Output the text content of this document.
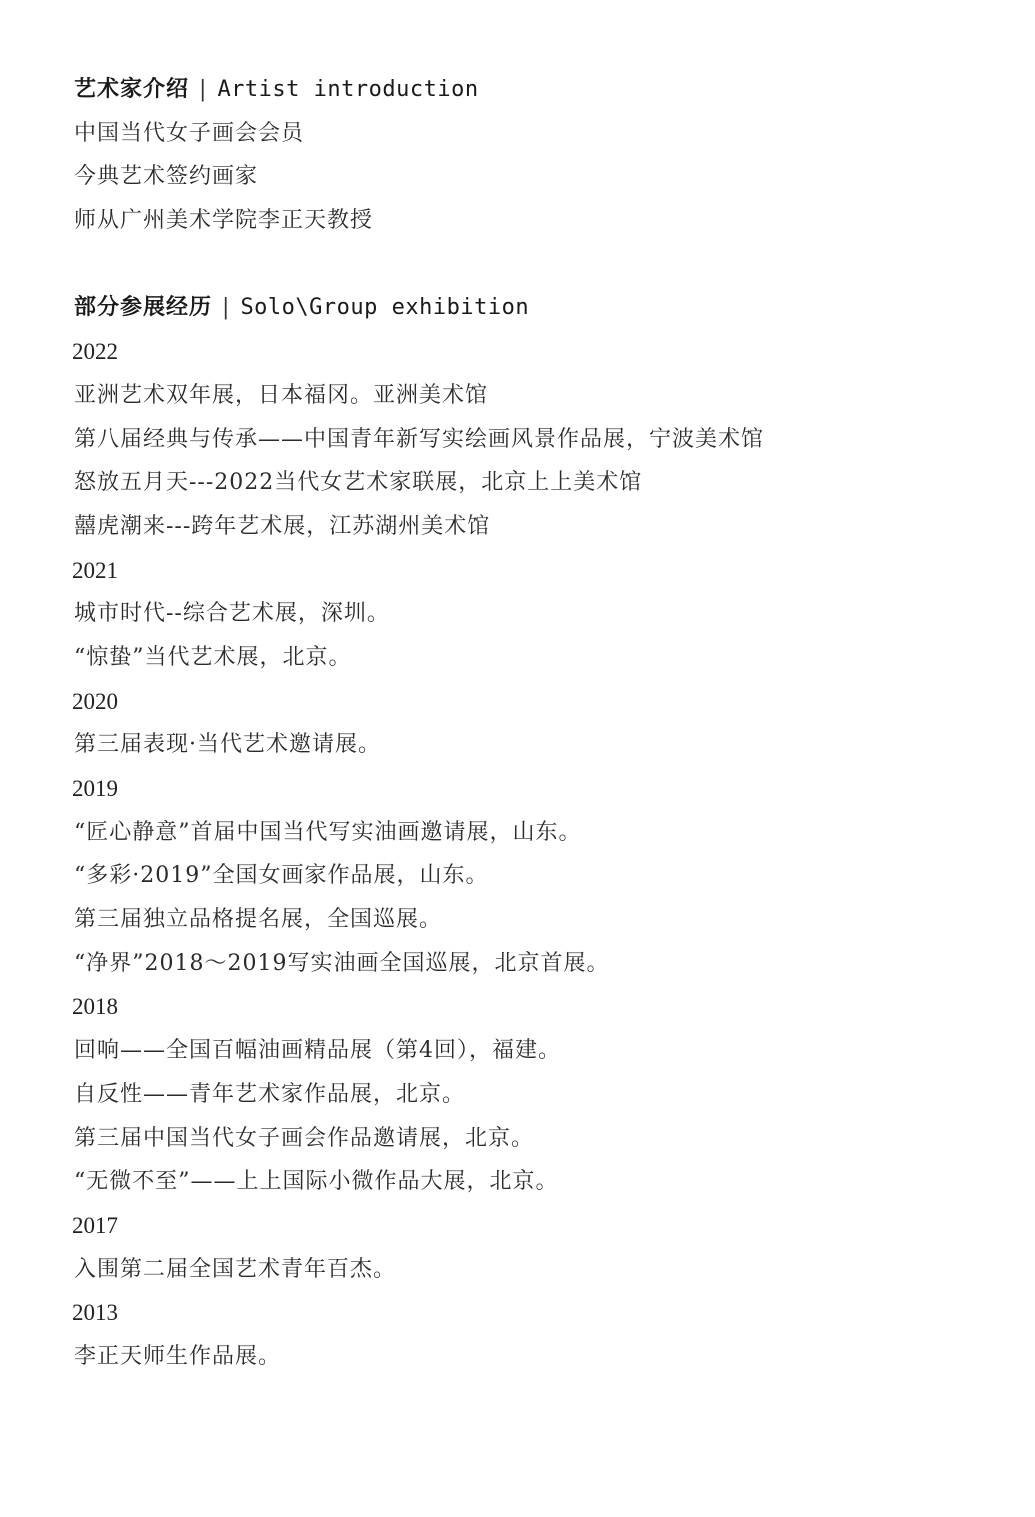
艺术家介绍 | Artist introduction
中国当代女子画会会员
今典艺术签约画家
师从广州美术学院李正天教授
部分参展经历 | Solo\Group exhibition
2022
亚洲艺术双年展，日本福冈。亚洲美术馆
第八届经典与传承——中国青年新写实绘画风景作品展，宁波美术馆
怒放五月天---2022当代女艺术家联展，北京上上美术馆
囍虎潮来---跨年艺术展，江苏湖州美术馆
2021
城市时代--综合艺术展，深圳。
“惊蛰”当代艺术展，北京。
2020
第三届表现·当代艺术邀请展。
2019
“匠心静意”首届中国当代写实油画邀请展，山东。
“多彩·2019”全国女画家作品展，山东。
第三届独立品格提名展，全国巡展。
“净界”2018～2019写实油画全国巡展，北京首展。
2018
回响——全国百幅油画精品展（第4回），福建。
自反性——青年艺术家作品展，北京。
第三届中国当代女子画会作品邀请展，北京。
“无微不至”——上上国际小微作品大展，北京。
2017
入围第二届全国艺术青年百杰。
2013
李正天师生作品展。
